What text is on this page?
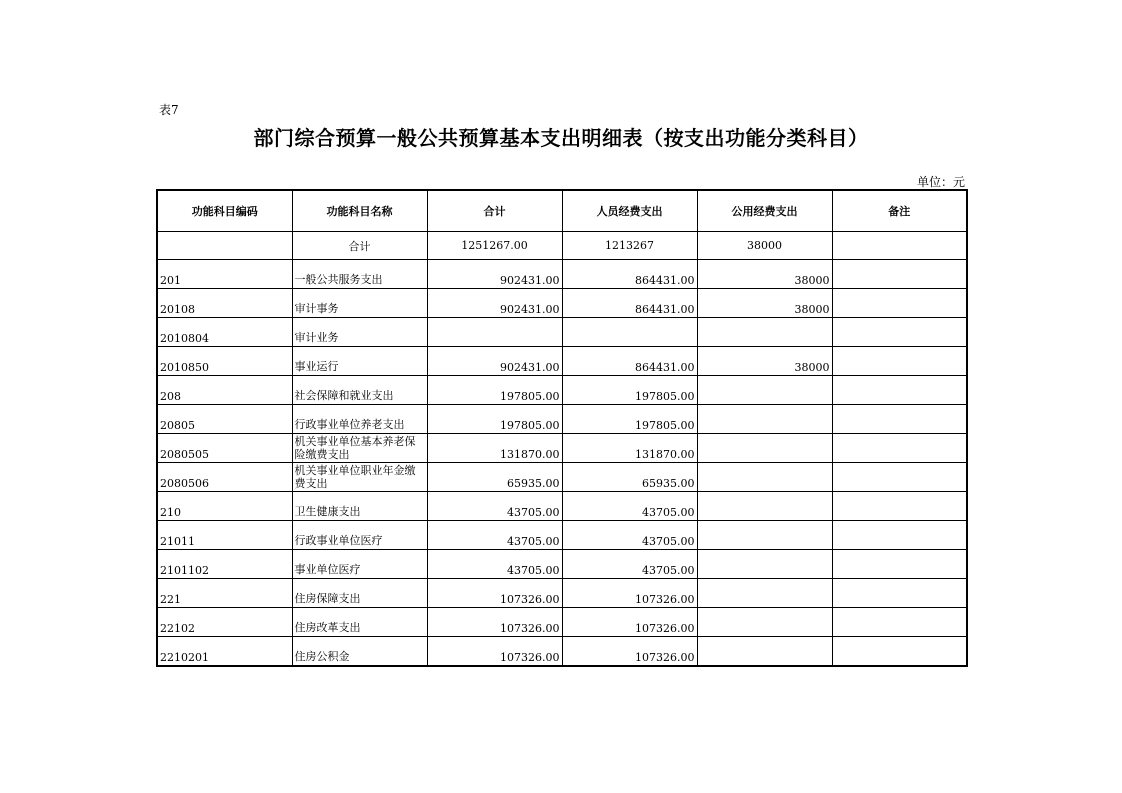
表7
部门综合预算一般公共预算基本支出明细表（按支出功能分类科目）
单位：元
功能科目编码	功能科目名称	合计	人员经费支出	公用经费支出	备注
	合计	1251267.00	1213267	38000	
201	一般公共服务支出	902431.00	864431.00	38000	
20108	审计事务	902431.00	864431.00	38000	
2010804	审计业务				
2010850	事业运行	902431.00	864431.00	38000	
208	社会保障和就业支出	197805.00	197805.00		
20805	行政事业单位养老支出	197805.00	197805.00		
2080505	机关事业单位基本养老保险缴费支出	131870.00	131870.00		
2080506	机关事业单位职业年金缴费支出	65935.00	65935.00		
210	卫生健康支出	43705.00	43705.00		
21011	行政事业单位医疗	43705.00	43705.00		
2101102	事业单位医疗	43705.00	43705.00		
221	住房保障支出	107326.00	107326.00		
22102	住房改革支出	107326.00	107326.00		
2210201	住房公积金	107326.00	107326.00		
